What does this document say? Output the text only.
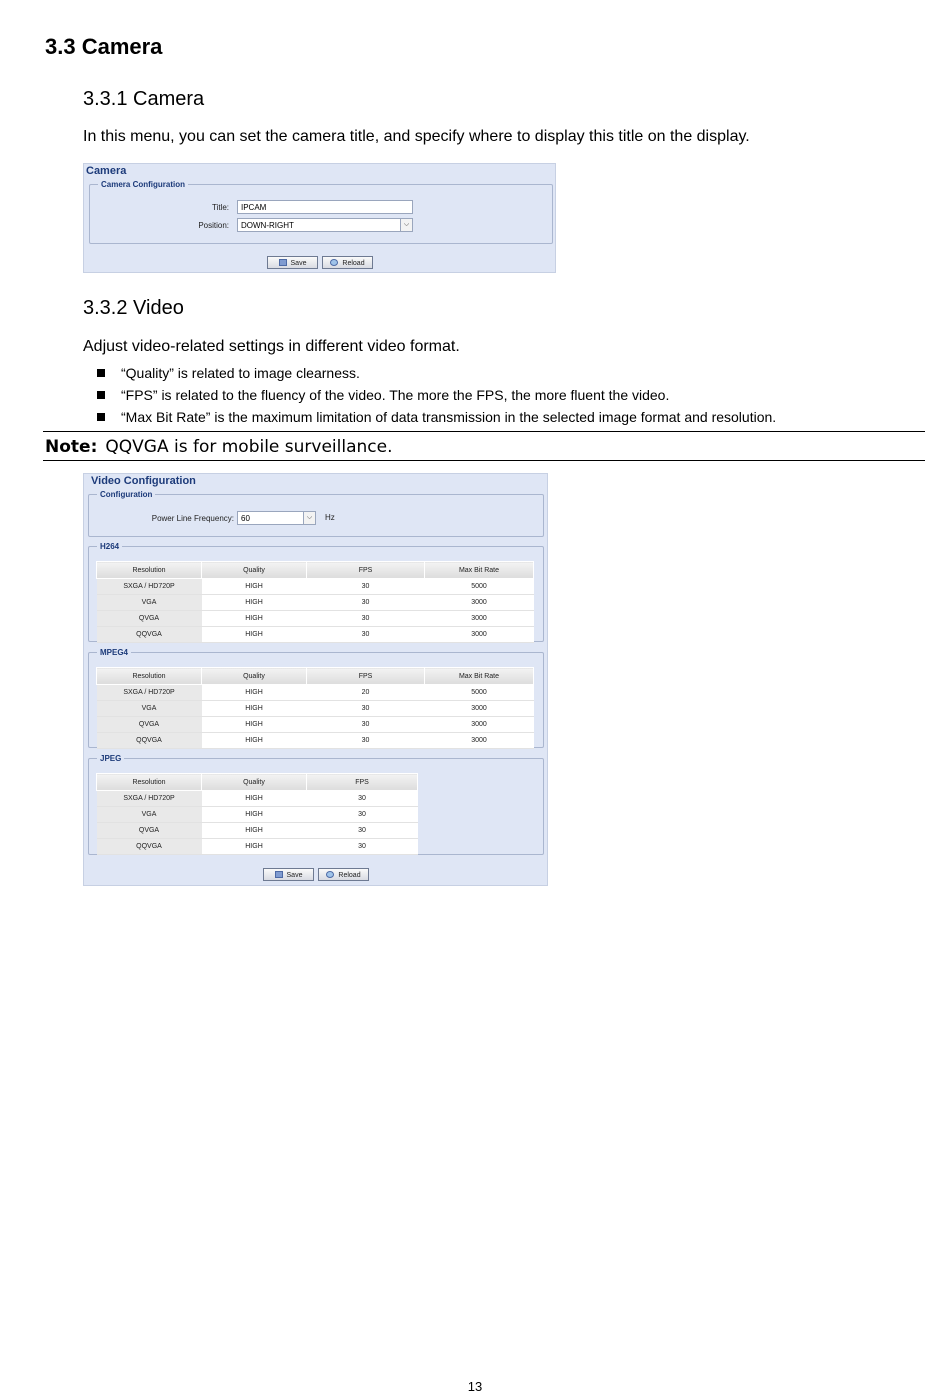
3.3 Camera
3.3.1 Camera
In this menu, you can set the camera title, and specify where to display this title on the display.
Camera
Camera Configuration
Title:	IPCAM
Position:	DOWN-RIGHT	⌵
Save	Reload
3.3.2 Video
Adjust video-related settings in different video format.
“Quality” is related to image clearness.
“FPS” is related to the fluency of the video. The more the FPS, the more fluent the video.
“Max Bit Rate” is the maximum limitation of data transmission in the selected image format and resolution.
Note: QQVGA is for mobile surveillance.
Video Configuration
Configuration
Power Line Frequency: 60	⌵	Hz
H264
Resolution	Quality	FPS	Max Bit Rate
SXGA / HD720P	HIGH	30	5000
VGA	HIGH	30	3000
QVGA	HIGH	30	3000
QQVGA	HIGH	30	3000
MPEG4
Resolution	Quality	FPS	Max Bit Rate
SXGA / HD720P	HIGH	20	5000
VGA	HIGH	30	3000
QVGA	HIGH	30	3000
QQVGA	HIGH	30	3000
JPEG
Resolution	Quality	FPS
SXGA / HD720P	HIGH	30
VGA	HIGH	30
QVGA	HIGH	30
QQVGA	HIGH	30
Save	Reload
13
